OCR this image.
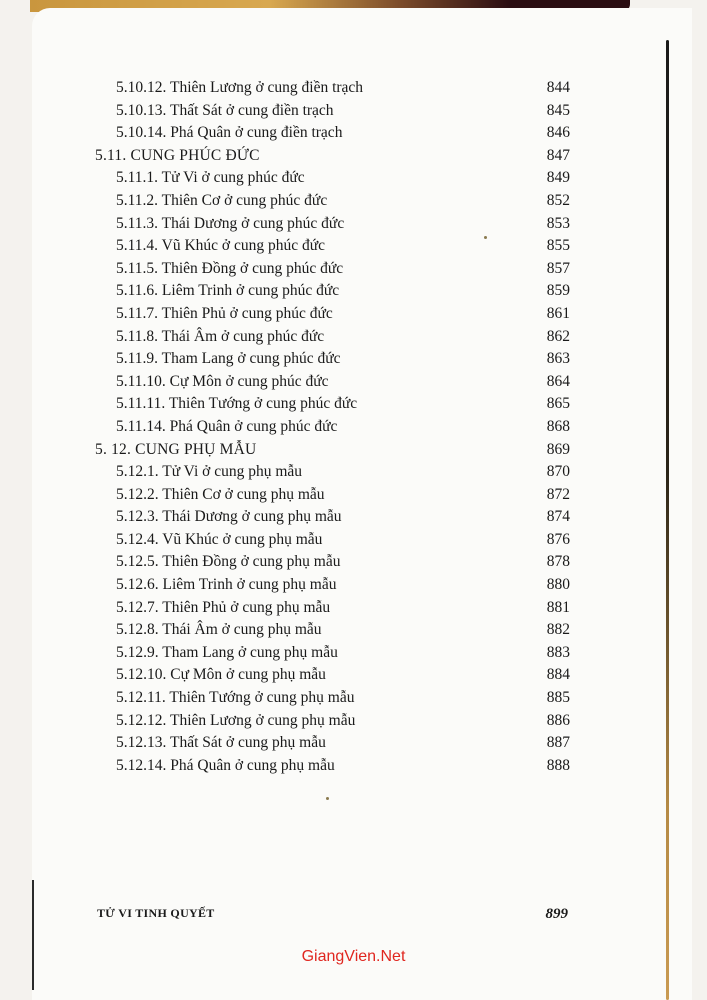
5.10.12. Thiên Lương ở cung điền trạch	844
5.10.13. Thất Sát ở cung điền trạch	845
5.10.14. Phá Quân ở cung điền trạch	846
5.11. CUNG PHÚC ĐỨC	847
5.11.1. Tử Vi ở cung phúc đức	849
5.11.2. Thiên Cơ ở cung phúc đức	852
5.11.3. Thái Dương ở cung phúc đức	853
5.11.4. Vũ Khúc ở cung phúc đức	855
5.11.5. Thiên Đồng ở cung phúc đức	857
5.11.6. Liêm Trinh ở cung phúc đức	859
5.11.7. Thiên Phủ ở cung phúc đức	861
5.11.8. Thái Âm ở cung phúc đức	862
5.11.9. Tham Lang ở cung phúc đức	863
5.11.10. Cự Môn ở cung phúc đức	864
5.11.11. Thiên Tướng ở cung phúc đức	865
5.11.14. Phá Quân ở cung phúc đức	868
5. 12. CUNG PHỤ MẪU	869
5.12.1. Tử Vi ở cung phụ mẫu	870
5.12.2. Thiên Cơ ở cung phụ mẫu	872
5.12.3. Thái Dương ở cung phụ mẫu	874
5.12.4. Vũ Khúc ở cung phụ mẫu	876
5.12.5. Thiên Đồng ở cung phụ mẫu	878
5.12.6. Liêm Trinh ở cung phụ mẫu	880
5.12.7. Thiên Phủ ở cung phụ mẫu	881
5.12.8. Thái Âm ở cung phụ mẫu	882
5.12.9. Tham Lang ở cung phụ mẫu	883
5.12.10. Cự Môn ở cung phụ mẫu	884
5.12.11. Thiên Tướng ở cung phụ mẫu	885
5.12.12. Thiên Lương ở cung phụ mẫu	886
5.12.13. Thất Sát ở cung phụ mẫu	887
5.12.14. Phá Quân ở cung phụ mẫu	888
TỬ VI TINH QUYẾT	899
GiangVien.Net
